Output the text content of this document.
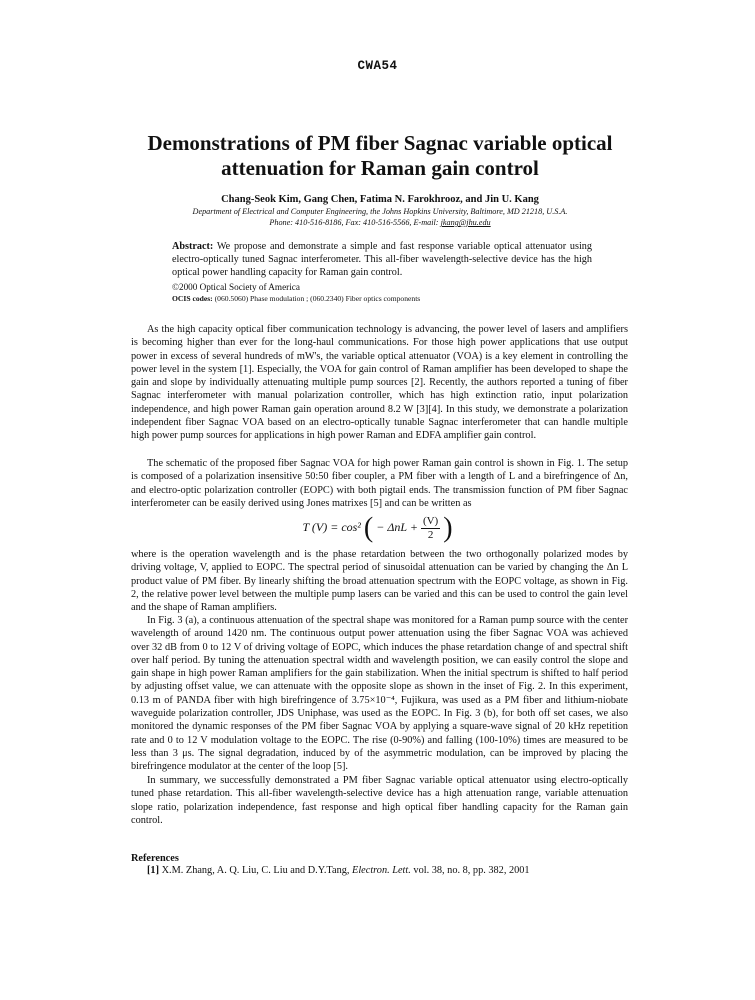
CWA54
Demonstrations of PM fiber Sagnac variable optical
attenuation for Raman gain control
Chang-Seok Kim, Gang Chen, Fatima N. Farokhrooz, and Jin U. Kang
Department of Electrical and Computer Engineering, the Johns Hopkins University, Baltimore, MD 21218, U.S.A.
Phone: 410-516-8186, Fax: 410-516-5566, E-mail: jkang@jhu.edu
Abstract: We propose and demonstrate a simple and fast response variable optical attenuator using electro-optically tuned Sagnac interferometer. This all-fiber wavelength-selective device has the high optical power handling capacity for Raman gain control.
©2000 Optical Society of America
OCIS codes: (060.5060) Phase modulation ; (060.2340) Fiber optics components

As the high capacity optical fiber communication technology is advancing, the power level of lasers and amplifiers is becoming higher than ever for the long-haul communications. For those high power applications that use output power in excess of several hundreds of mW's, the variable optical attenuator (VOA) is a key element in controlling the power level in the system [1]. Especially, the VOA for gain control of Raman amplifier has been developed to shape the gain and slope by individually attenuating multiple pump sources [2]. Recently, the authors reported a tuning of fiber Sagnac interferometer with manual polarization controller, which has high extinction ratio, input polarization independence, and high power Raman gain operation around 8.2 W [3][4]. In this study, we demonstrate a polarization independent fiber Sagnac VOA based on an electro-optically tunable Sagnac interferometer that can handle multiple high power pump sources for applications in high power Raman and EDFA amplifier gain control.

The schematic of the proposed fiber Sagnac VOA for high power Raman gain control is shown in Fig. 1. The setup is composed of a polarization insensitive 50:50 fiber coupler, a PM fiber with a length of L and a birefringence of Δn, and electro-optic polarization controller (EOPC) with both pigtail ends. The transmission function of PM fiber Sagnac interferometer can be easily derived using Jones matrixes [5] and can be written as

T (V) = cos² ( − $\Delta nL + \frac{(V)}{2}$ )

where is the operation wavelength and is the phase retardation between the two orthogonally polarized modes by driving voltage, V, applied to EOPC. The spectral period of sinusoidal attenuation can be varied by changing the Δn L product value of PM fiber. By linearly shifting the broad attenuation spectrum with the EOPC voltage, as shown in Fig. 2, the relative power level between the multiple pump lasers can be varied and this can be used to control the gain level and the shape of Raman amplifiers.

In Fig. 3 (a), a continuous attenuation of the spectral shape was monitored for a Raman pump source with the center wavelength of around 1420 nm. The continuous output power attenuation using the fiber Sagnac VOA was achieved over 32 dB from 0 to 12 V of driving voltage of EOPC, which induces the phase retardation change of and spectral shift over half period. By tuning the attenuation spectral width and wavelength position, we can easily control the slope and gain shape in high power Raman amplifiers for the gain stabilization. When the initial spectrum is shifted to half period by adjusting offset value, we can attenuate with the opposite slope as shown in the inset of Fig. 2. In this experiment, 0.13 m of PANDA fiber with high birefringence of 3.75×10⁻⁴, Fujikura, was used as a PM fiber and lithium-niobate waveguide polarization controller, JDS Uniphase, was used as the EOPC. In Fig. 3 (b), for both off set cases, we also monitored the dynamic responses of the PM fiber Sagnac VOA by applying a square-wave signal of 20 kHz repetition rate and 0 to 12 V modulation voltage to the EOPC. The rise (0-90%) and falling (100-10%) times are measured to be less than 3 μs. The signal degradation, induced by of the asymmetric modulation, can be improved by placing the birefringence modulator at the center of the loop [5].

In summary, we successfully demonstrated a PM fiber Sagnac variable optical attenuator using electro-optically tuned phase retardation. This all-fiber wavelength-selective device has a high attenuation range, variable attenuation slope ratio, polarization independence, fast response and high optical fiber handling capacity for the Raman gain control.

References
[1] X.M. Zhang, A. Q. Liu, C. Liu and D.Y.Tang, Electron. Lett. vol. 38, no. 8, pp. 382, 2001
